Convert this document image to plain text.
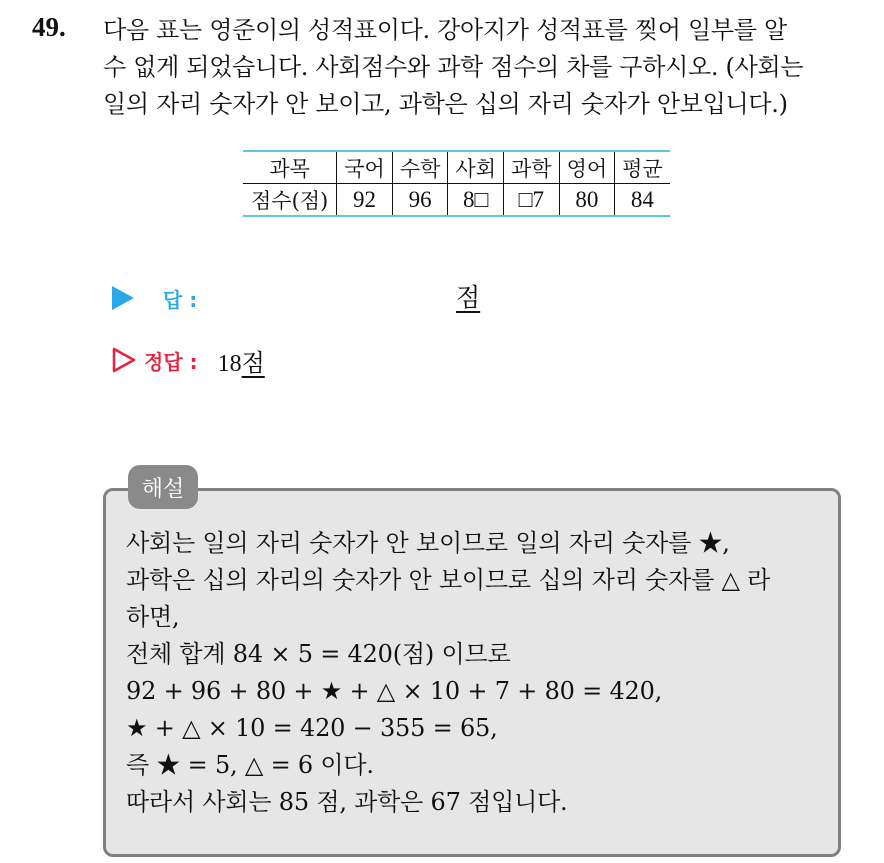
49. 다음 표는 영준이의 성적표이다. 강아지가 성적표를 찢어 일부를 알
수 없게 되었습니다. 사회점수와 과학 점수의 차를 구하시오. (사회는
일의 자리 숫자가 안 보이고, 과학은 십의 자리 숫자가 안보입니다.)
과목	국어	수학	사회	과학	영어	평균
점수(점)	92	96	8□	□7	80	84
답 :	점
정답 : 18점
해설
사회는 일의 자리 숫자가 안 보이므로 일의 자리 숫자를 ★,
과학은 십의 자리의 숫자가 안 보이므로 십의 자리 숫자를 △ 라
하면,
전체 합계 84 × 5 = 420(점) 이므로
92 + 96 + 80 + ★ + △ × 10 + 7 + 80 = 420,
★ + △ × 10 = 420 − 355 = 65,
즉 ★ = 5, △ = 6 이다.
따라서 사회는 85 점, 과학은 67 점입니다.
